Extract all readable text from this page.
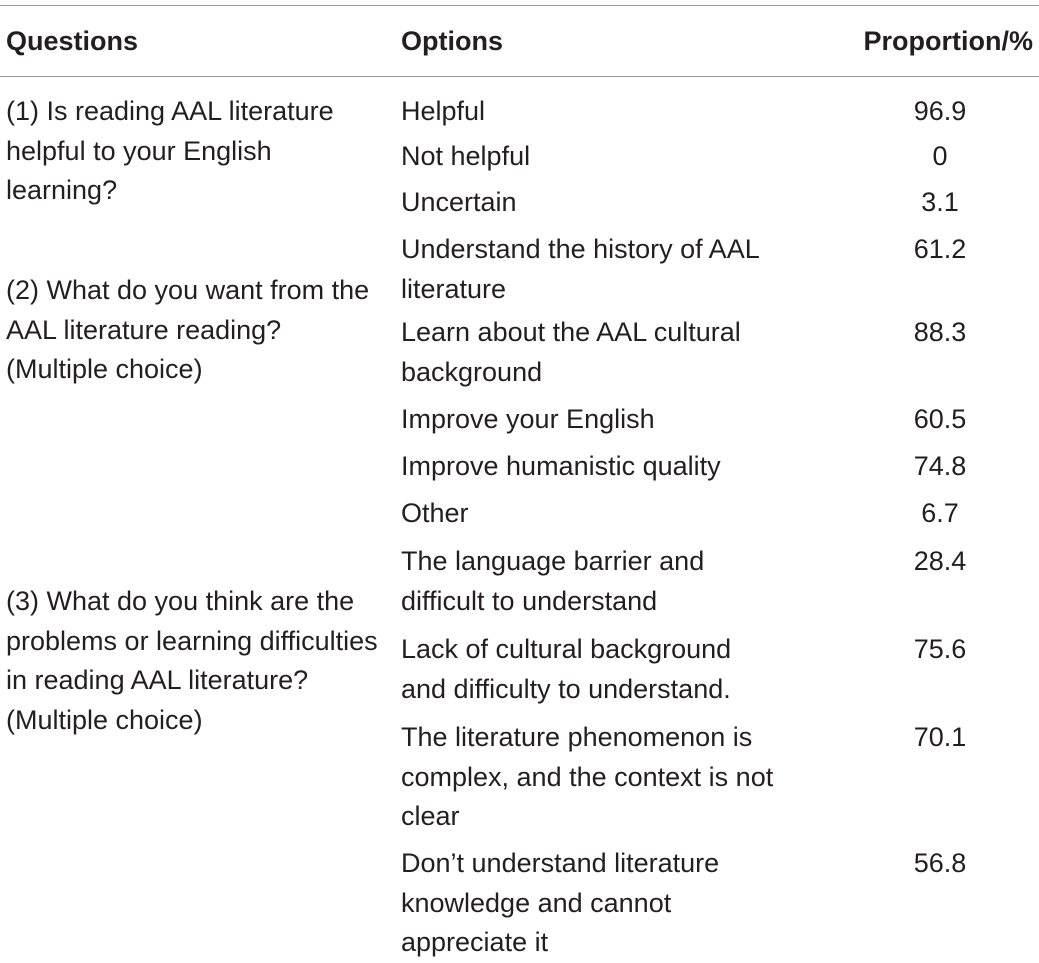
Questions	Options	Proportion/%
(1) Is reading AAL literature helpful to your English learning?
(2) What do you want from the AAL literature reading? (Multiple choice)
(3) What do you think are the problems or learning difficulties in reading AAL literature? (Multiple choice)
Helpful
Not helpful
Uncertain
Understand the history of AAL literature
Learn about the AAL cultural background
Improve your English
Improve humanistic quality
Other
The language barrier and difficult to understand
Lack of cultural background and difficulty to understand.
The literature phenomenon is complex, and the context is not clear
Don’t understand literature knowledge and cannot appreciate it
96.9
0
3.1
61.2
88.3
60.5
74.8
6.7
28.4
75.6
70.1
56.8
